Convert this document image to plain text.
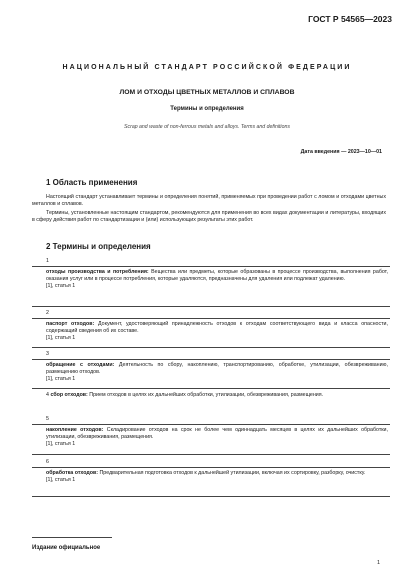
ГОСТ Р 54565—2023
НАЦИОНАЛЬНЫЙ СТАНДАРТ РОССИЙСКОЙ ФЕДЕРАЦИИ
ЛОМ И ОТХОДЫ ЦВЕТНЫХ МЕТАЛЛОВ И СПЛАВОВ
Термины и определения
Scrap and waste of non-ferrous metals and alloys. Terms and definitions
Дата введения — 2023—10—01
1 Область применения
Настоящий стандарт устанавливает термины и определения понятий, применяемых при проведении работ с ломом и отходами цветных металлов и сплавов.
Термины, установленные настоящим стандартом, рекомендуются для применения во всех видах документации и литературы, входящих в сферу действия работ по стандартизации и (или) использующих результаты этих работ.
2 Термины и определения
1
отходы производства и потребления: Вещества или предметы, которые образованы в процессе производства, выполнения работ, оказания услуг или в процессе потребления, которые удаляются, предназначены для удаления или подлежат удалению.
[1], статья 1
2
паспорт отходов: Документ, удостоверяющий принадлежность отходов к отходам соответствующего вида и класса опасности, содержащий сведения об их составе.
[1], статья 1
3
обращение с отходами: Деятельность по сбору, накоплению, транспортированию, обработке, утилизации, обезвреживанию, размещению отходов.
[1], статья 1
4 сбор отходов: Прием отходов в целях их дальнейших обработки, утилизации, обезвреживания, размещения.
5
накопление отходов: Складирование отходов на срок не более чем одиннадцать месяцев в целях их дальнейших обработки, утилизации, обезвреживания, размещения.
[1], статья 1
6
обработка отходов: Предварительная подготовка отходов к дальнейшей утилизации, включая их сортировку, разборку, очистку.
[1], статья 1
Издание официальное
1
